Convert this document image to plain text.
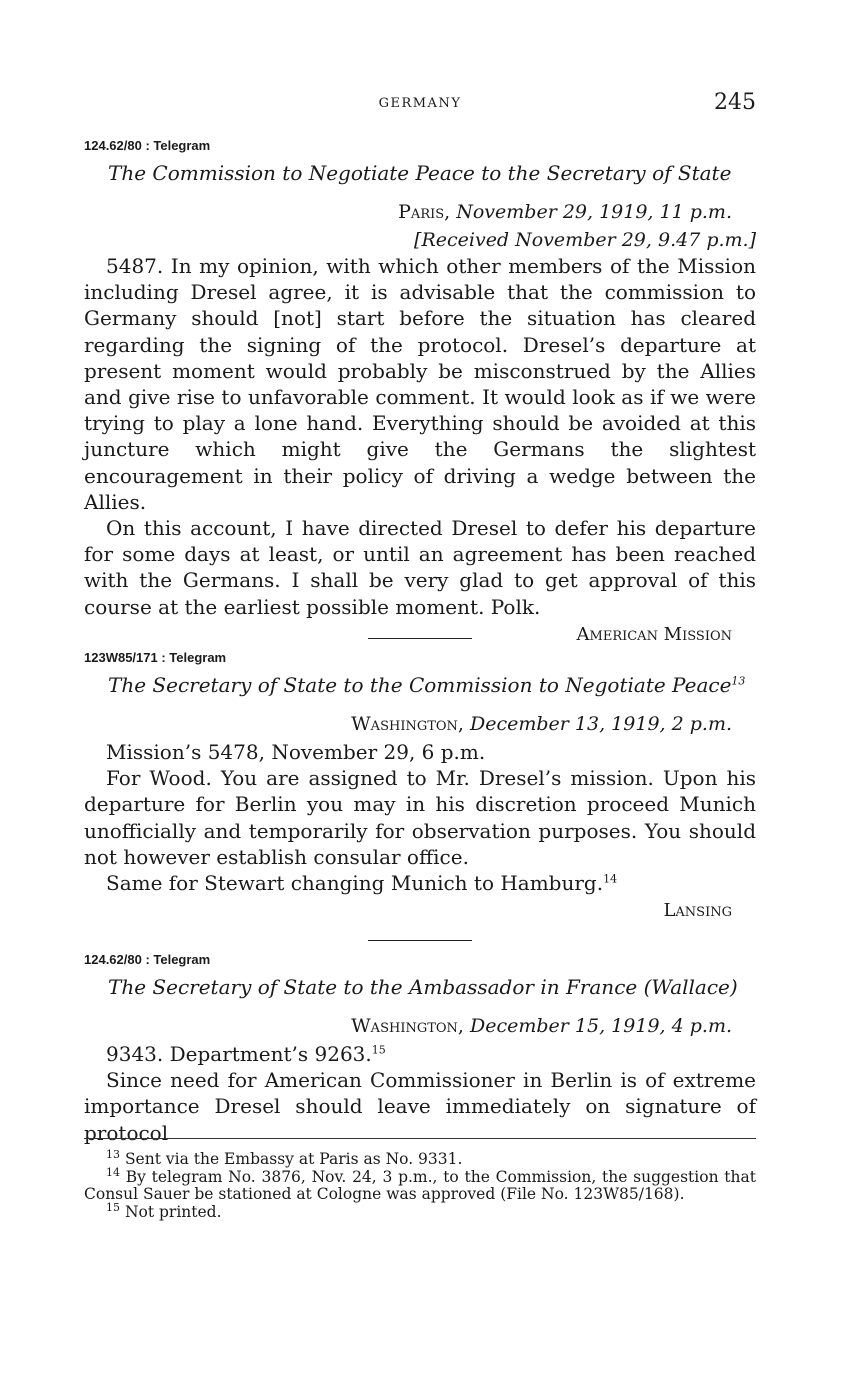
GERMANY	245
124.62/80 : Telegram
The Commission to Negotiate Peace to the Secretary of State
Paris, November 29, 1919, 11 p.m.
[Received November 29, 9.47 p.m.]

5487. In my opinion, with which other members of the Mission including Dresel agree, it is advisable that the commission to Germany should [not] start before the situation has cleared regarding the signing of the protocol. Dresel’s departure at present moment would probably be misconstrued by the Allies and give rise to unfavorable comment. It would look as if we were trying to play a lone hand. Everything should be avoided at this juncture which might give the Germans the slightest encouragement in their policy of driving a wedge between the Allies.

On this account, I have directed Dresel to defer his departure for some days at least, or until an agreement has been reached with the Germans. I shall be very glad to get approval of this course at the earliest possible moment. Polk.

American Mission
123W85/171 : Telegram
The Secretary of State to the Commission to Negotiate Peace$^{13}$
Washington, December 13, 1919, 2 p.m.

Mission’s 5478, November 29, 6 p.m.

For Wood. You are assigned to Mr. Dresel’s mission. Upon his departure for Berlin you may in his discretion proceed Munich unofficially and temporarily for observation purposes. You should not however establish consular office.

Same for Stewart changing Munich to Hamburg.$^{14}$

Lansing
124.62/80 : Telegram
The Secretary of State to the Ambassador in France (Wallace)
Washington, December 15, 1919, 4 p.m.

9343. Department’s 9263.15

Since need for American Commissioner in Berlin is of extreme importance Dresel should leave immediately on signature of protocol

$^{13}$ Sent via the Embassy at Paris as No. 9331.

$^{14}$ By telegram No. 3876, Nov. 24, 3 p.m., to the Commission, the suggestion that Consul Sauer be stationed at Cologne was approved (File No. 123W85/168).

$^{15}$ Not printed.
